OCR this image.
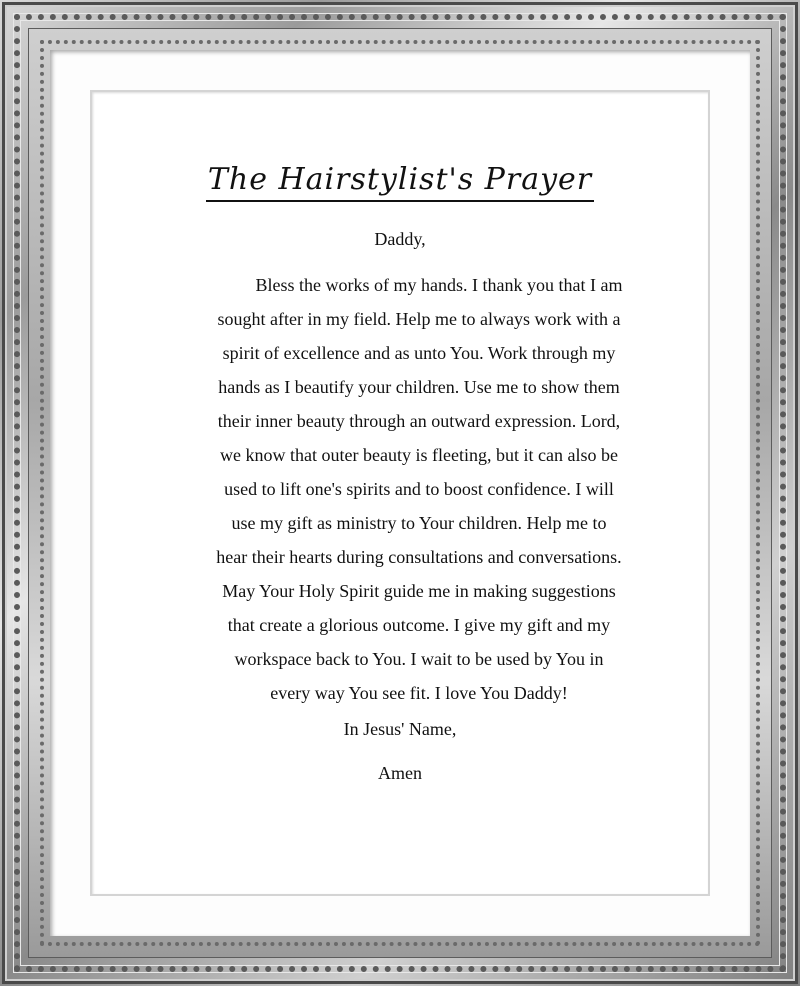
The Hairstylist's Prayer
Daddy,
Bless the works of my hands. I thank you that I am
sought after in my field. Help me to always work with a
spirit of excellence and as unto You. Work through my
hands as I beautify your children. Use me to show them
their inner beauty through an outward expression. Lord,
we know that outer beauty is fleeting, but it can also be
used to lift one's spirits and to boost confidence. I will
use my gift as ministry to Your children. Help me to
hear their hearts during consultations and conversations.
May Your Holy Spirit guide me in making suggestions
that create a glorious outcome. I give my gift and my
workspace back to You. I wait to be used by You in
every way You see fit. I love You Daddy!
In Jesus' Name,
Amen
